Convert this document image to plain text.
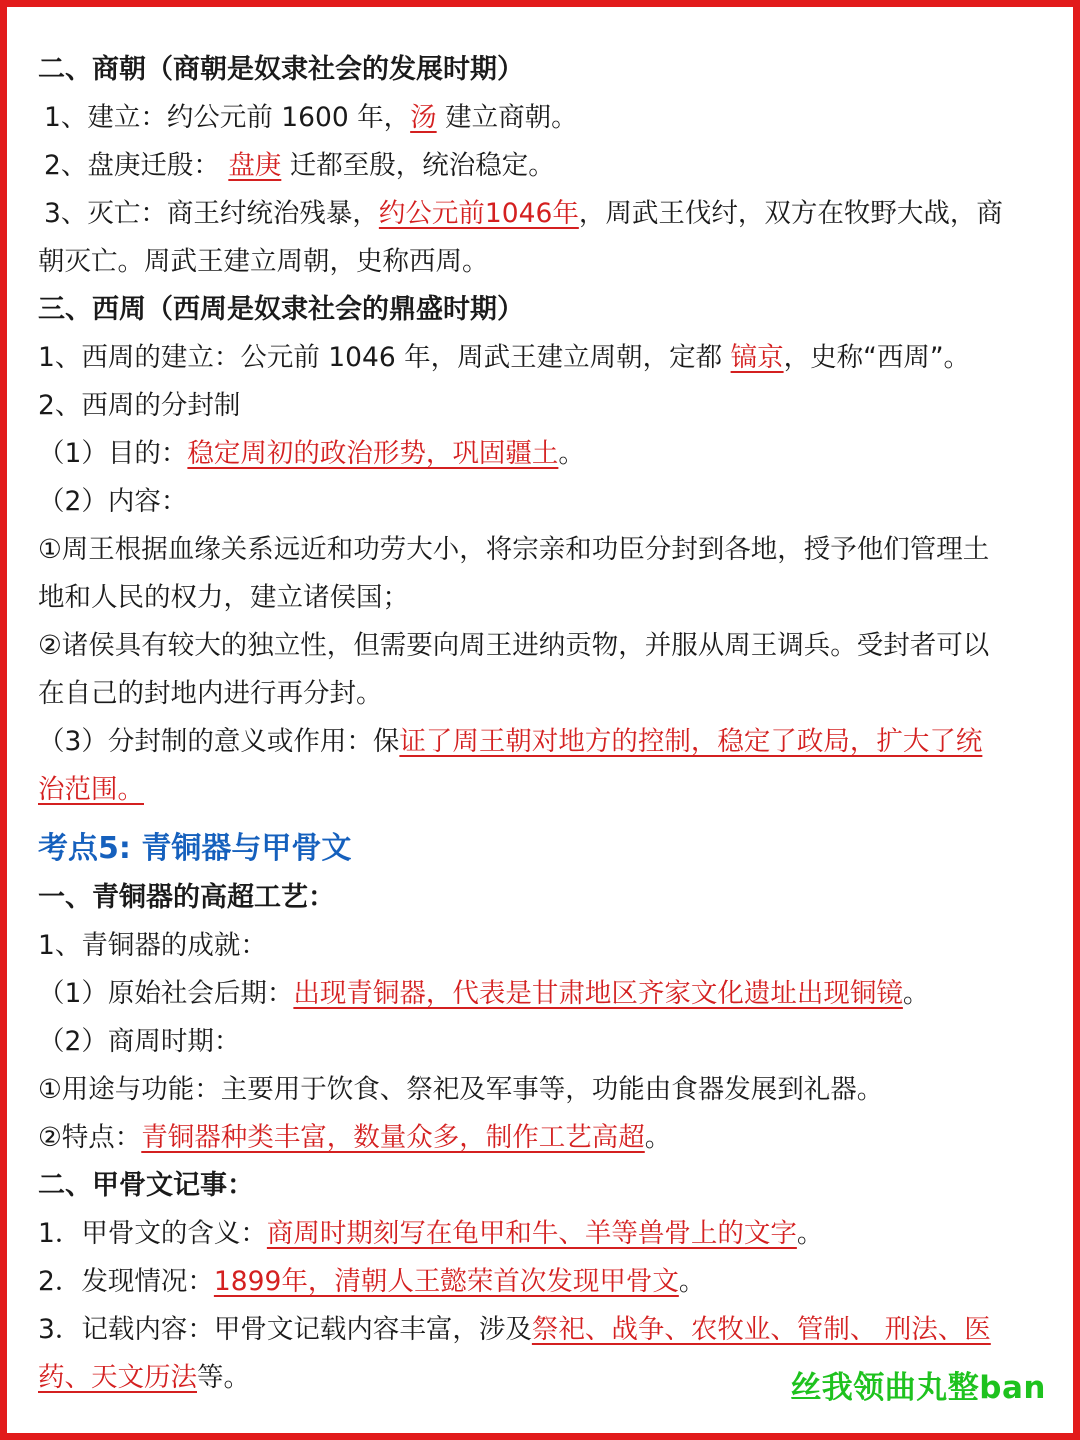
二、商朝（商朝是奴隶社会的发展时期）

1、建立：约公元前 1600 年，汤 建立商朝。

2、盘庚迁殷： 盘庚 迁都至殷，统治稳定。

3、灭亡：商王纣统治残暴，约公元前1046年，周武王伐纣，双方在牧野大战，商

朝灭亡。周武王建立周朝，史称西周。

三、西周（西周是奴隶社会的鼎盛时期）

1、西周的建立：公元前 1046 年，周武王建立周朝，定都 镐京，史称“西周”。

2、西周的分封制

（1）目的：稳定周初的政治形势，巩固疆土。

（2）内容：

①周王根据血缘关系远近和功劳大小，将宗亲和功臣分封到各地，授予他们管理土

地和人民的权力，建立诸侯国；

②诸侯具有较大的独立性，但需要向周王进纳贡物，并服从周王调兵。受封者可以

在自己的封地内进行再分封。

（3）分封制的意义或作用：保证了周王朝对地方的控制，稳定了政局，扩大了统

治范围。

考点5: 青铜器与甲骨文

一、青铜器的高超工艺：

1、青铜器的成就：

（1）原始社会后期：出现青铜器，代表是甘肃地区齐家文化遗址出现铜镜。

（2）商周时期：

①用途与功能：主要用于饮食、祭祀及军事等，功能由食器发展到礼器。

②特点：青铜器种类丰富，数量众多，制作工艺高超。

二、甲骨文记事：

1．甲骨文的含义：商周时期刻写在龟甲和牛、羊等兽骨上的文字。

2．发现情况：1899年，清朝人王懿荣首次发现甲骨文。

3．记载内容：甲骨文记载内容丰富，涉及祭祀、战争、农牧业、管制、 刑法、医

药、天文历法等。	丝我领曲丸整ban
